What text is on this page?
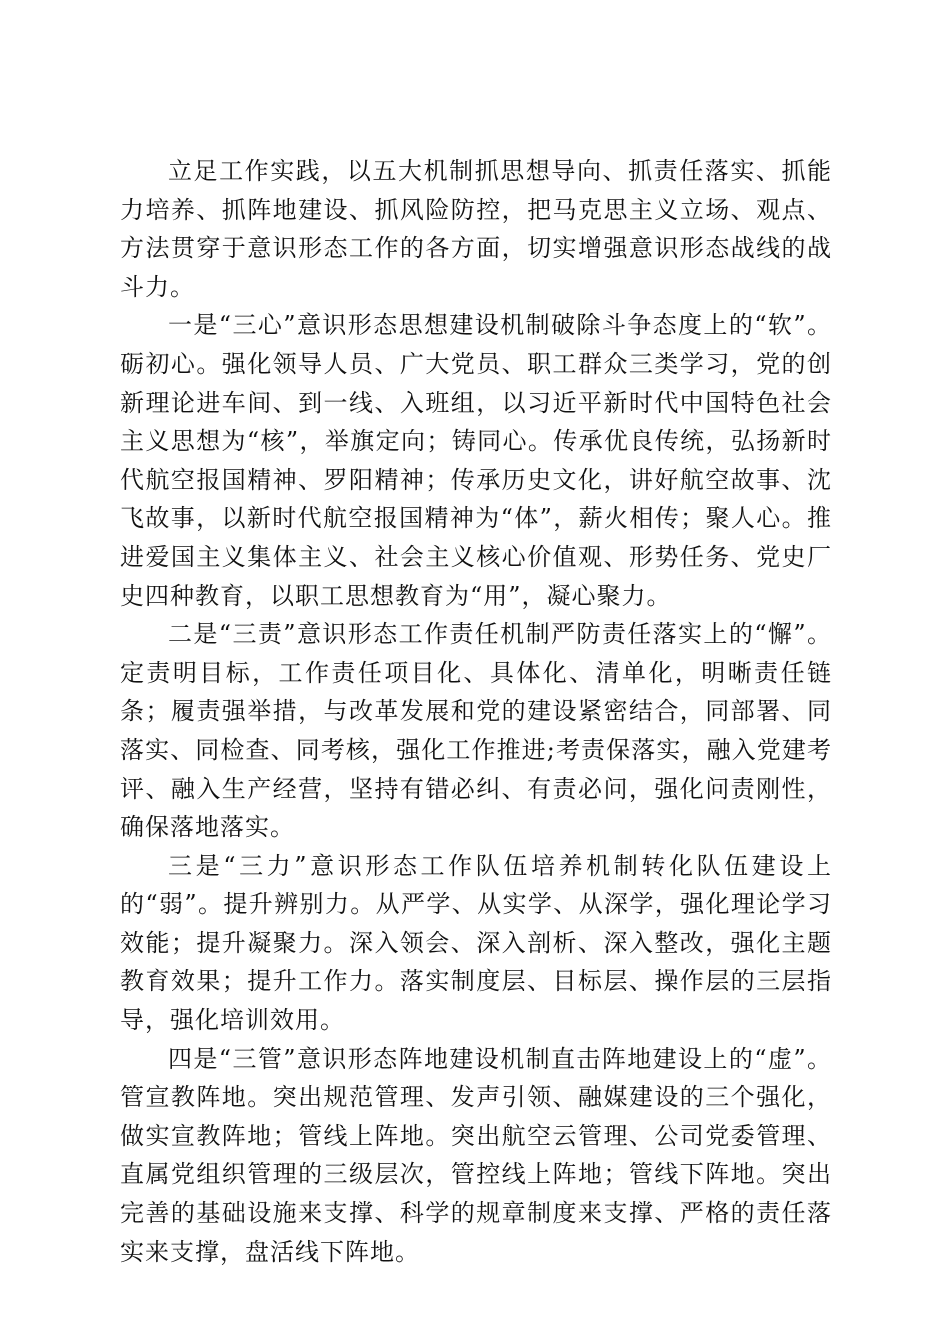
立足工作实践，以五大机制抓思想导向、抓责任落实、抓能力培养、抓阵地建设、抓风险防控，把马克思主义立场、观点、方法贯穿于意识形态工作的各方面，切实增强意识形态战线的战斗力。

一是“三心”意识形态思想建设机制破除斗争态度上的“软”。砺初心。强化领导人员、广大党员、职工群众三类学习，党的创新理论进车间、到一线、入班组，以习近平新时代中国特色社会主义思想为“核”，举旗定向；铸同心。传承优良传统，弘扬新时代航空报国精神、罗阳精神；传承历史文化，讲好航空故事、沈飞故事，以新时代航空报国精神为“体”，薪火相传；聚人心。推进爱国主义集体主义、社会主义核心价值观、形势任务、党史厂史四种教育，以职工思想教育为“用”，凝心聚力。

二是“三责”意识形态工作责任机制严防责任落实上的“懈”。定责明目标，工作责任项目化、具体化、清单化，明晰责任链条；履责强举措，与改革发展和党的建设紧密结合，同部署、同落实、同检查、同考核，强化工作推进;考责保落实，融入党建考评、融入生产经营，坚持有错必纠、有责必问，强化问责刚性，确保落地落实。

三是“三力”意识形态工作队伍培养机制转化队伍建设上的“弱”。提升辨别力。从严学、从实学、从深学，强化理论学习效能；提升凝聚力。深入领会、深入剖析、深入整改，强化主题教育效果；提升工作力。落实制度层、目标层、操作层的三层指导，强化培训效用。

四是“三管”意识形态阵地建设机制直击阵地建设上的“虚”。管宣教阵地。突出规范管理、发声引领、融媒建设的三个强化，做实宣教阵地；管线上阵地。突出航空云管理、公司党委管理、直属党组织管理的三级层次，管控线上阵地；管线下阵地。突出完善的基础设施来支撑、科学的规章制度来支撑、严格的责任落实来支撑，盘活线下阵地。
